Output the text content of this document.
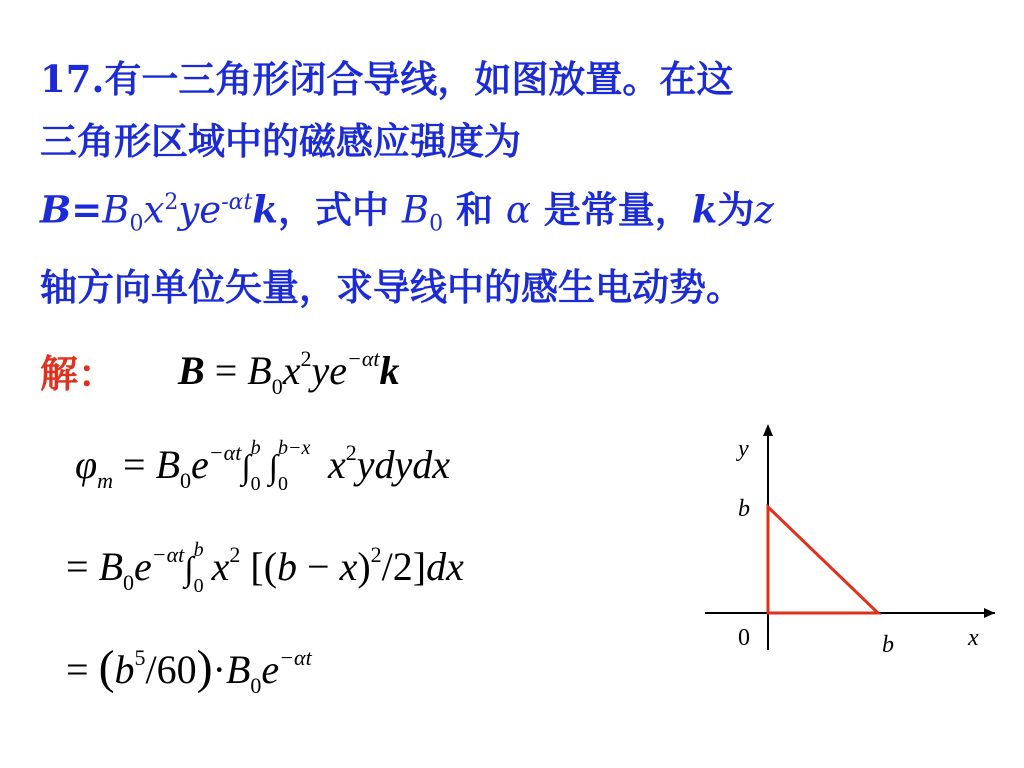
17.有一三角形闭合导线，如图放置。在这
三角形区域中的磁感应强度为
$B=B_0x^2ye^{-\alpha t}k$，式中 $B_0$ 和 α 是常量，k为z
轴方向单位矢量，求导线中的感生电动势。
解： $B = B_0x^2ye^{-\alpha t}k$
$\varphi_m = B_0e^{-\alpha t}\int$
b
0 ∫
b−x
0 $x^2ydydx$
= $B_0e^{-\alpha t}\int$
b
0 $x^2$ $[(b - x)^2/2]dx$
= $(b^5/60)\cdot B_0e^{-\alpha t}$
y
x
0
b
b
